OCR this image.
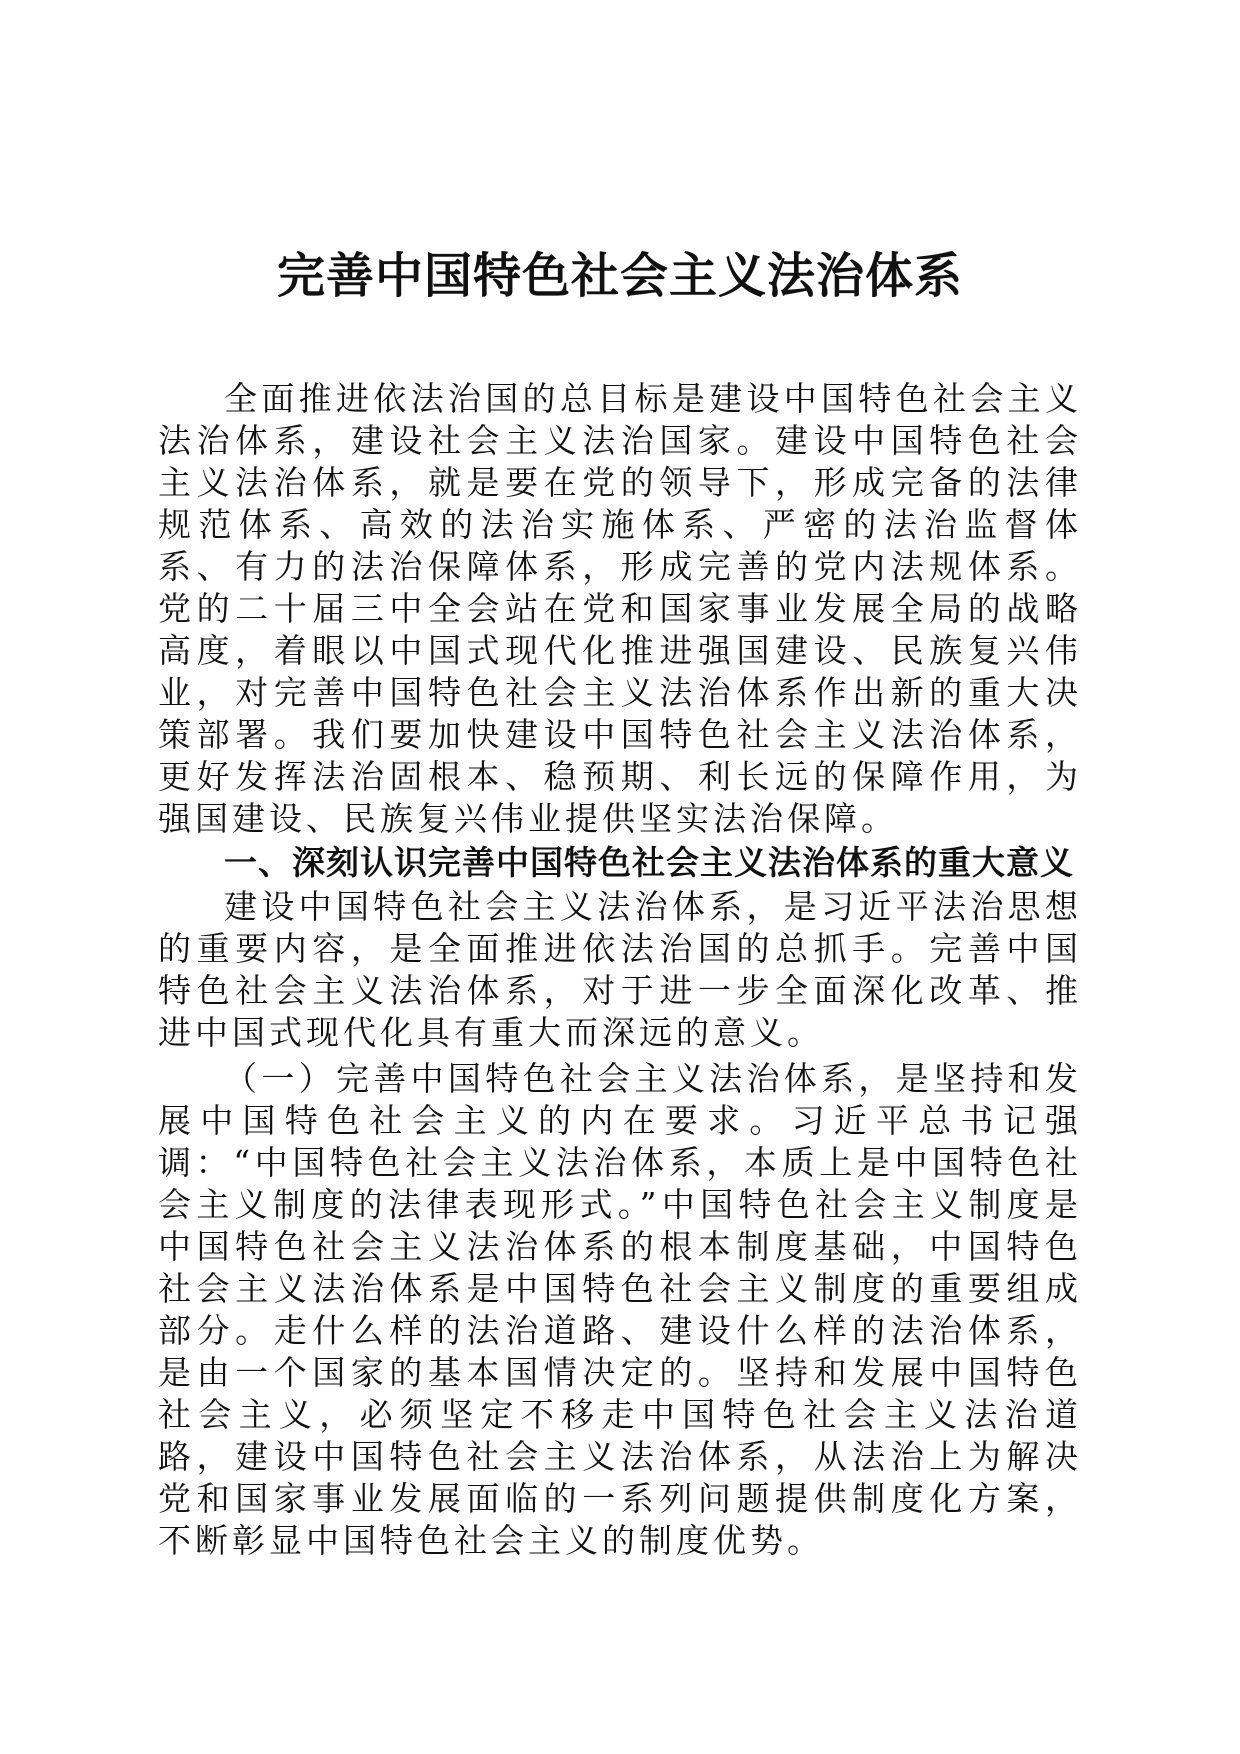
完善中国特色社会主义法治体系

全面推进依法治国的总目标是建设中国特色社会主义法治体系，建设社会主义法治国家。建设中国特色社会主义法治体系，就是要在党的领导下，形成完备的法律规范体系、高效的法治实施体系、严密的法治监督体系、有力的法治保障体系，形成完善的党内法规体系。党的二十届三中全会站在党和国家事业发展全局的战略高度，着眼以中国式现代化推进强国建设、民族复兴伟业，对完善中国特色社会主义法治体系作出新的重大决策部署。我们要加快建设中国特色社会主义法治体系，更好发挥法治固根本、稳预期、利长远的保障作用，为强国建设、民族复兴伟业提供坚实法治保障。

一、深刻认识完善中国特色社会主义法治体系的重大意义

建设中国特色社会主义法治体系，是习近平法治思想的重要内容，是全面推进依法治国的总抓手。完善中国特色社会主义法治体系，对于进一步全面深化改革、推进中国式现代化具有重大而深远的意义。

（一）完善中国特色社会主义法治体系，是坚持和发展中国特色社会主义的内在要求。习近平总书记强调：“中国特色社会主义法治体系，本质上是中国特色社会主义制度的法律表现形式。”中国特色社会主义制度是中国特色社会主义法治体系的根本制度基础，中国特色社会主义法治体系是中国特色社会主义制度的重要组成部分。走什么样的法治道路、建设什么样的法治体系，是由一个国家的基本国情决定的。坚持和发展中国特色社会主义，必须坚定不移走中国特色社会主义法治道路，建设中国特色社会主义法治体系，从法治上为解决党和国家事业发展面临的一系列问题提供制度化方案，不断彰显中国特色社会主义的制度优势。
